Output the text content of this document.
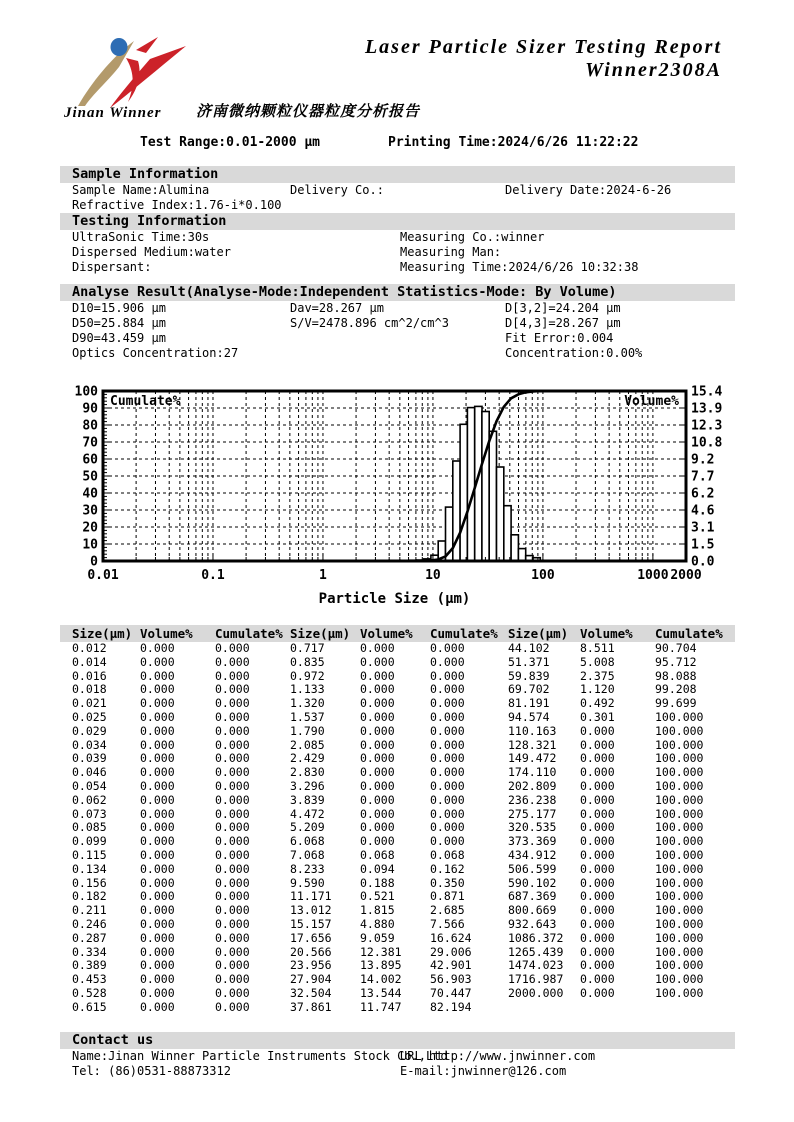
Jinan Winner
Laser Particle Sizer Testing Report
Winner2308A
济南微纳颗粒仪器粒度分析报告
Test Range:0.01-2000 μm	Printing Time:2024/6/26 11:22:22
Sample Information
Sample Name:Alumina	Delivery Co.:	Delivery Date:2024-6-26
Refractive Index:1.76-i*0.100
Testing Information
UltraSonic Time:30s	Measuring Co.:winner
Dispersed Medium:water	Measuring Man:
Dispersant:	Measuring Time:2024/6/26 10:32:38
Analyse Result(Analyse-Mode:Independent Statistics-Mode: By Volume)
D10=15.906 μm	Dav=28.267 μm	D[3,2]=24.204 μm
D50=25.884 μm	S/V=2478.896 cm^2/cm^3	D[4,3]=28.267 μm
D90=43.459 μm	Fit Error:0.004
Optics Concentration:27	Concentration:0.00%
100
90
80
70
60
50
40
30
20
10
0
15.4
13.9
12.3
10.8
9.2
7.7
6.2
4.6
3.1
1.5
0.0
0.01	0.1	1	10	100	1000 2000
Cumulate%	Volume%
Particle Size (μm)
Size(μm) Volume%	Cumulate% Size(μm) Volume%	Cumulate% Size(μm) Volume%	Cumulate%
0.012	0.000	0.000	0.717	0.000	0.000	44.102	8.511	90.704
0.014	0.000	0.000	0.835	0.000	0.000	51.371	5.008	95.712
0.016	0.000	0.000	0.972	0.000	0.000	59.839	2.375	98.088
0.018	0.000	0.000	1.133	0.000	0.000	69.702	1.120	99.208
0.021	0.000	0.000	1.320	0.000	0.000	81.191	0.492	99.699
0.025	0.000	0.000	1.537	0.000	0.000	94.574	0.301	100.000
0.029	0.000	0.000	1.790	0.000	0.000	110.163	0.000	100.000
0.034	0.000	0.000	2.085	0.000	0.000	128.321	0.000	100.000
0.039	0.000	0.000	2.429	0.000	0.000	149.472	0.000	100.000
0.046	0.000	0.000	2.830	0.000	0.000	174.110	0.000	100.000
0.054	0.000	0.000	3.296	0.000	0.000	202.809	0.000	100.000
0.062	0.000	0.000	3.839	0.000	0.000	236.238	0.000	100.000
0.073	0.000	0.000	4.472	0.000	0.000	275.177	0.000	100.000
0.085	0.000	0.000	5.209	0.000	0.000	320.535	0.000	100.000
0.099	0.000	0.000	6.068	0.000	0.000	373.369	0.000	100.000
0.115	0.000	0.000	7.068	0.068	0.068	434.912	0.000	100.000
0.134	0.000	0.000	8.233	0.094	0.162	506.599	0.000	100.000
0.156	0.000	0.000	9.590	0.188	0.350	590.102	0.000	100.000
0.182	0.000	0.000	11.171	0.521	0.871	687.369	0.000	100.000
0.211	0.000	0.000	13.012	1.815	2.685	800.669	0.000	100.000
0.246	0.000	0.000	15.157	4.880	7.566	932.643	0.000	100.000
0.287	0.000	0.000	17.656	9.059	16.624	1086.372	0.000	100.000
0.334	0.000	0.000	20.566	12.381	29.006	1265.439	0.000	100.000
0.389	0.000	0.000	23.956	13.895	42.901	1474.023	0.000	100.000
0.453	0.000	0.000	27.904	14.002	56.903	1716.987	0.000	100.000
0.528	0.000	0.000	32.504	13.544	70.447	2000.000	0.000	100.000
0.615	0.000	0.000	37.861	11.747	82.194
Contact us
Name:Jinan Winner Particle Instruments Stock Co.,Ltd
URL http://www.jnwinner.com
Tel: (86)0531-88873312	E-mail:jnwinner@126.com
